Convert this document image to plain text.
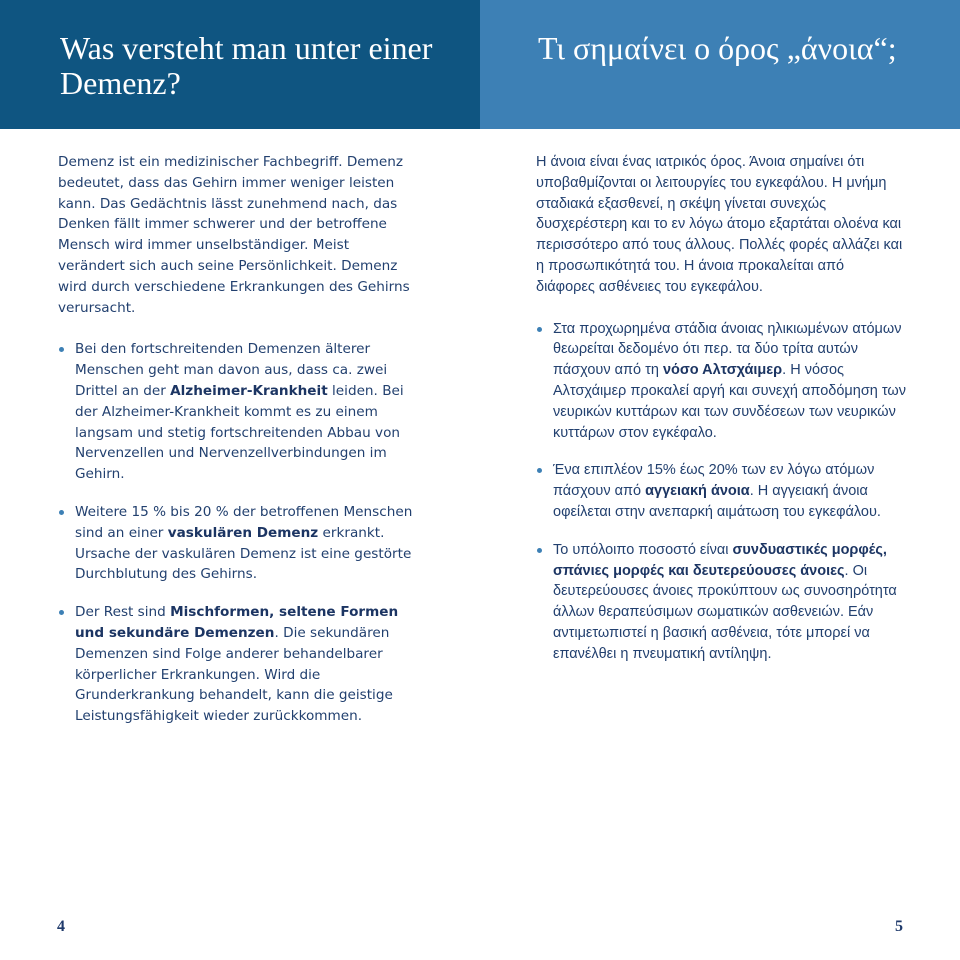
Was versteht man unter einer Demenz?

Demenz ist ein medizinischer Fachbegriff. Demenz bedeutet, dass das Gehirn immer weniger leisten kann. Das Gedächtnis lässt zunehmend nach, das Denken fällt immer schwerer und der betroffene Mensch wird immer unselbständiger. Meist verändert sich auch seine Persönlichkeit. Demenz wird durch verschiedene Erkrankungen des Gehirns verursacht.

Bei den fortschreitenden Demenzen älterer Menschen geht man davon aus, dass ca. zwei Drittel an der Alzheimer-Krankheit leiden. Bei der Alzheimer-Krankheit kommt es zu einem langsam und stetig fortschreitenden Abbau von Nervenzellen und Nervenzellverbindungen im Gehirn.
Weitere 15 % bis 20 % der betroffenen Menschen sind an einer vaskulären Demenz erkrankt. Ursache der vaskulären Demenz ist eine gestörte Durchblutung des Gehirns.
Der Rest sind Mischformen, seltene Formen und sekundäre Demenzen. Die sekundären Demenzen sind Folge anderer behandelbarer körperlicher Erkrankungen. Wird die Grunderkrankung behandelt, kann die geistige Leistungsfähigkeit wieder zurückkommen.
4
Τι σημαίνει ο όρος „άνοια“;

Η άνοια είναι ένας ιατρικός όρος. Άνοια σημαίνει ότι υποβαθμίζονται οι λειτουργίες του εγκεφάλου. Η μνήμη σταδιακά εξασθενεί, η σκέψη γίνεται συνεχώς δυσχερέστερη και το εν λόγω άτομο εξαρτάται ολοένα και περισσότερο από τους άλλους. Πολλές φορές αλλάζει και η προσωπικότητά του. Η άνοια προκαλείται από διάφορες ασθένειες του εγκεφάλου.

Στα προχωρημένα στάδια άνοιας ηλικιωμένων ατόμων θεωρείται δεδομένο ότι περ. τα δύο τρίτα αυτών πάσχουν από τη νόσο Αλτσχάιμερ. Η νόσος Αλτσχάιμερ προκαλεί αργή και συνεχή αποδόμηση των νευρικών κυττάρων και των συνδέσεων των νευρικών κυττάρων στον εγκέφαλο.
Ένα επιπλέον 15% έως 20% των εν λόγω ατόμων πάσχουν από αγγειακή άνοια. Η αγγειακή άνοια οφείλεται στην ανεπαρκή αιμάτωση του εγκεφάλου.
Το υπόλοιπο ποσοστό είναι συνδυαστικές μορφές, σπάνιες μορφές και δευτερεύουσες άνοιες. Οι δευτερεύουσες άνοιες προκύπτουν ως συνοσηρότητα άλλων θεραπεύσιμων σωματικών ασθενειών. Εάν αντιμετωπιστεί η βασική ασθένεια, τότε μπορεί να επανέλθει η πνευματική αντίληψη.
5
